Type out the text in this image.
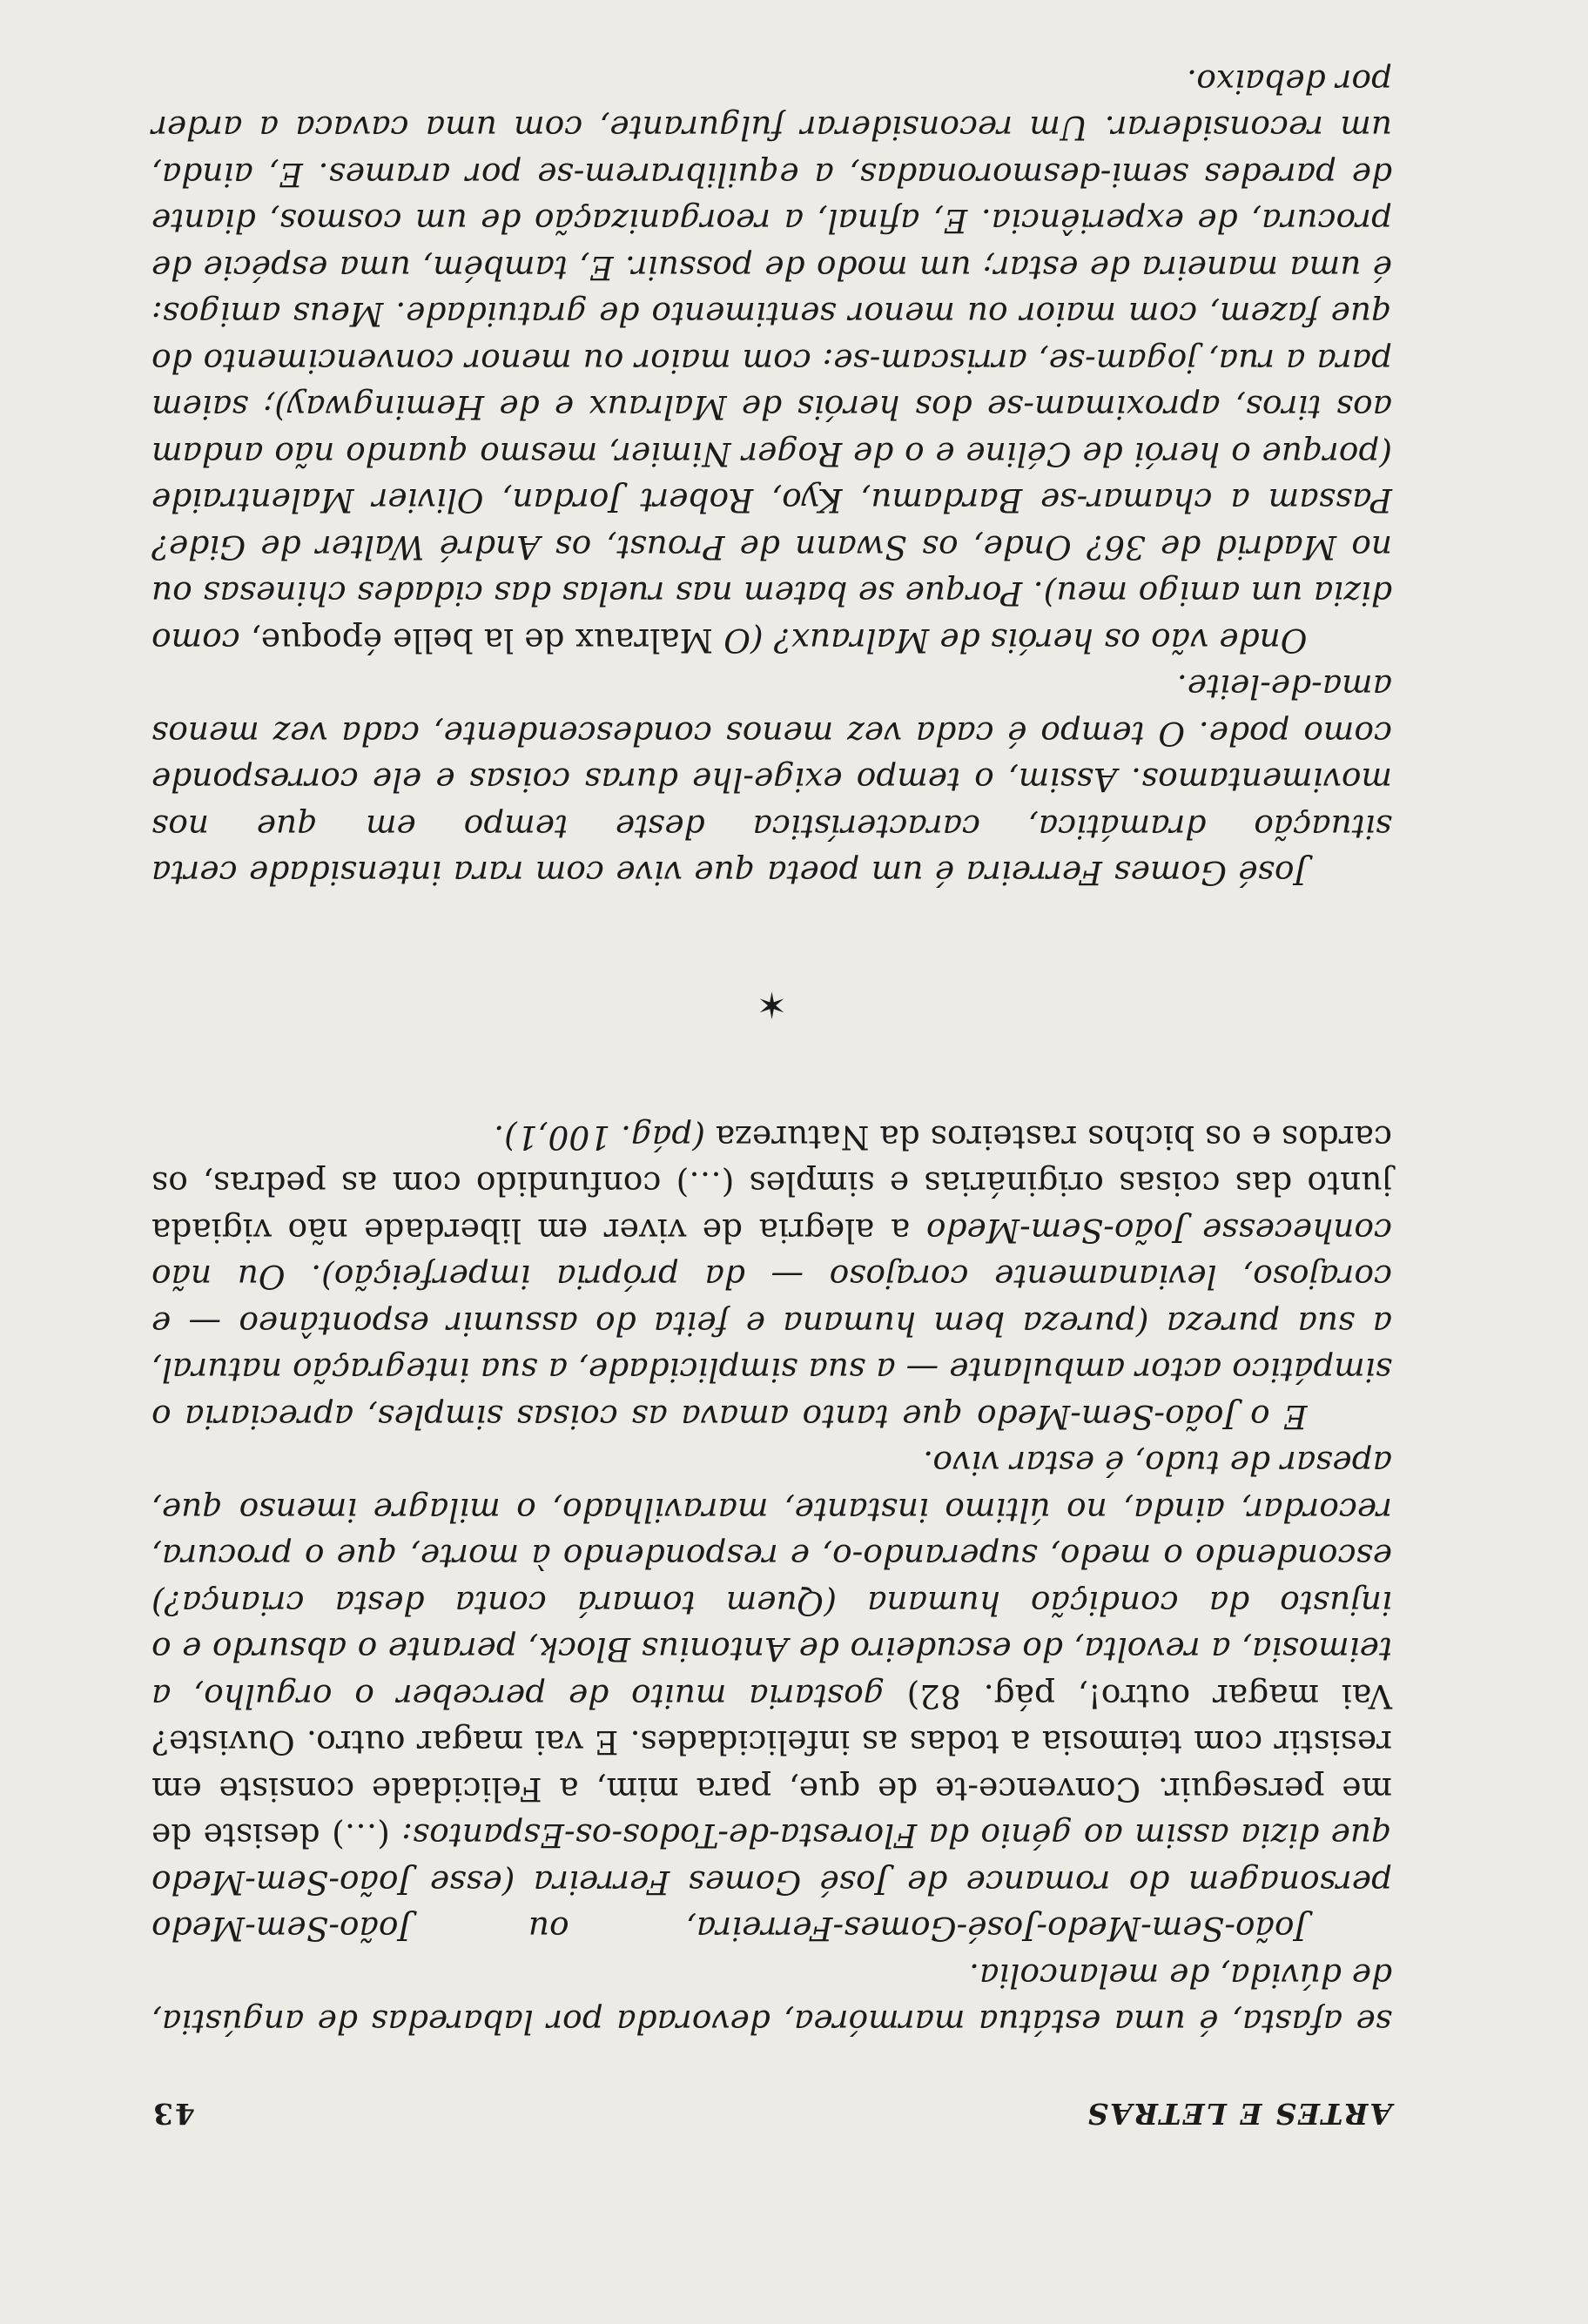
ARTES E LETRAS
43

se afasta, é uma estátua marmórea, devorada por labaredas de angústia, de dúvida, de melancolia.

João-Sem-Medo-José-Gomes-Ferreira, ou João-Sem-Medo personagem do romance de José Gomes Ferreira (esse João-Sem-Medo que dizia assim ao génio da Floresta-de-Todos-os-Espantos: (…) desiste de me perseguir. Convence-te de que, para mim, a Felicidade consiste em resistir com teimosia a todas as infelicidades. E vai magar outro. Ouviste? Vai magar outro!, pág. 82) gostaria muito de perceber o orgulho, a teimosia, a revolta, do escudeiro de Antonius Block, perante o absurdo e o injusto da condição humana (Quem tomará conta desta criança?) escondendo o medo, superando-o, e respondendo à morte, que o procura, recordar, ainda, no último instante, maravilhado, o milagre imenso que, apesar de tudo, é estar vivo.

E o João-Sem-Medo que tanto amava as coisas simples, apreciaria o simpático actor ambulante — a sua simplicidade, a sua integração natural, a sua pureza (pureza bem humana e feita do assumir espontâneo — e corajoso, levianamente corajoso — da própria imperfeição). Ou não conhecesse João-Sem-Medo a alegria de viver em liberdade não vigiada junto das coisas originárias e simples (…) confundido com as pedras, os cardos e os bichos rasteiros da Natureza (pág. 100,1).

✶

José Gomes Ferreira é um poeta que vive com rara intensidade certa situação dramática, característica deste tempo em que nos movimentamos. Assim, o tempo exige-lhe duras coisas e ele corresponde como pode. O tempo é cada vez menos condescendente, cada vez menos ama-de-leite.

Onde vão os heróis de Malraux? (O Malraux de la belle époque, como dizia um amigo meu). Porque se batem nas ruelas das cidades chinesas ou no Madrid de 36? Onde, os Swann de Proust, os André Walter de Gide? Passam a chamar-se Bardamu, Kyo, Robert Jordan, Olivier Malentraide (porque o herói de Céline e o de Roger Nimier, mesmo quando não andam aos tiros, aproximam-se dos heróis de Malraux e de Hemingway); saiem para a rua, jogam-se, arriscam-se: com maior ou menor convencimento do que fazem, com maior ou menor sentimento de gratuidade. Meus amigos: é uma maneira de estar; um modo de possuir. E, também, uma espécie de procura, de experiência. E, afinal, a reorganização de um cosmos, diante de paredes semi-desmoronadas, a equilibrarem-se por arames. E, ainda, um reconsiderar. Um reconsiderar fulgurante, com uma cavaca a arder por debaixo.
